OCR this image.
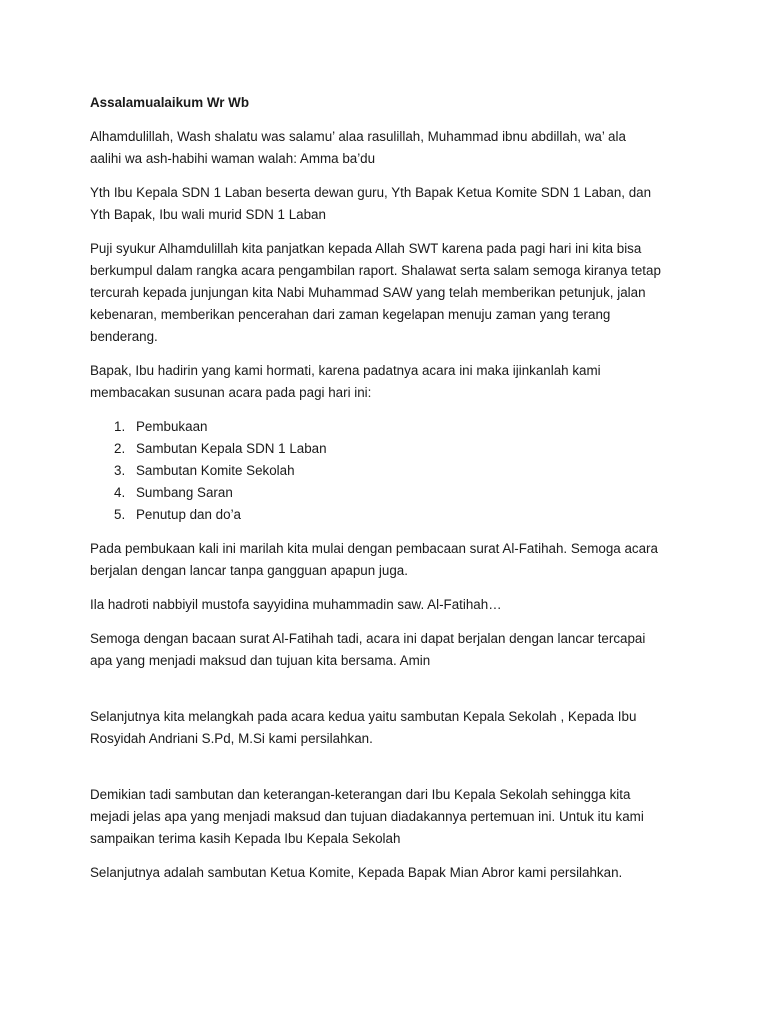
Assalamualaikum Wr Wb

Alhamdulillah, Wash shalatu was salamu’ alaa rasulillah, Muhammad ibnu abdillah, wa’ ala
aalihi wa ash-habihi waman walah: Amma ba’du

Yth Ibu Kepala SDN 1 Laban beserta dewan guru, Yth Bapak Ketua Komite SDN 1 Laban, dan
Yth Bapak, Ibu wali murid SDN 1 Laban

Puji syukur Alhamdulillah kita panjatkan kepada Allah SWT karena pada pagi hari ini kita bisa
berkumpul dalam rangka acara pengambilan raport. Shalawat serta salam semoga kiranya tetap
tercurah kepada junjungan kita Nabi Muhammad SAW yang telah memberikan petunjuk, jalan
kebenaran, memberikan pencerahan dari zaman kegelapan menuju zaman yang terang
benderang.

Bapak, Ibu hadirin yang kami hormati, karena padatnya acara ini maka ijinkanlah kami
membacakan susunan acara pada pagi hari ini:

1. Pembukaan
2. Sambutan Kepala SDN 1 Laban
3. Sambutan Komite Sekolah
4. Sumbang Saran
5. Penutup dan do’a

Pada pembukaan kali ini marilah kita mulai dengan pembacaan surat Al-Fatihah. Semoga acara
berjalan dengan lancar tanpa gangguan apapun juga.

Ila hadroti nabbiyil mustofa sayyidina muhammadin saw. Al-Fatihah…

Semoga dengan bacaan surat Al-Fatihah tadi, acara ini dapat berjalan dengan lancar tercapai
apa yang menjadi maksud dan tujuan kita bersama. Amin

Selanjutnya kita melangkah pada acara kedua yaitu sambutan Kepala Sekolah , Kepada Ibu
Rosyidah Andriani S.Pd, M.Si kami persilahkan.

Demikian tadi sambutan dan keterangan-keterangan dari Ibu Kepala Sekolah sehingga kita
mejadi jelas apa yang menjadi maksud dan tujuan diadakannya pertemuan ini. Untuk itu kami
sampaikan terima kasih Kepada Ibu Kepala Sekolah

Selanjutnya adalah sambutan Ketua Komite, Kepada Bapak Mian Abror kami persilahkan.
